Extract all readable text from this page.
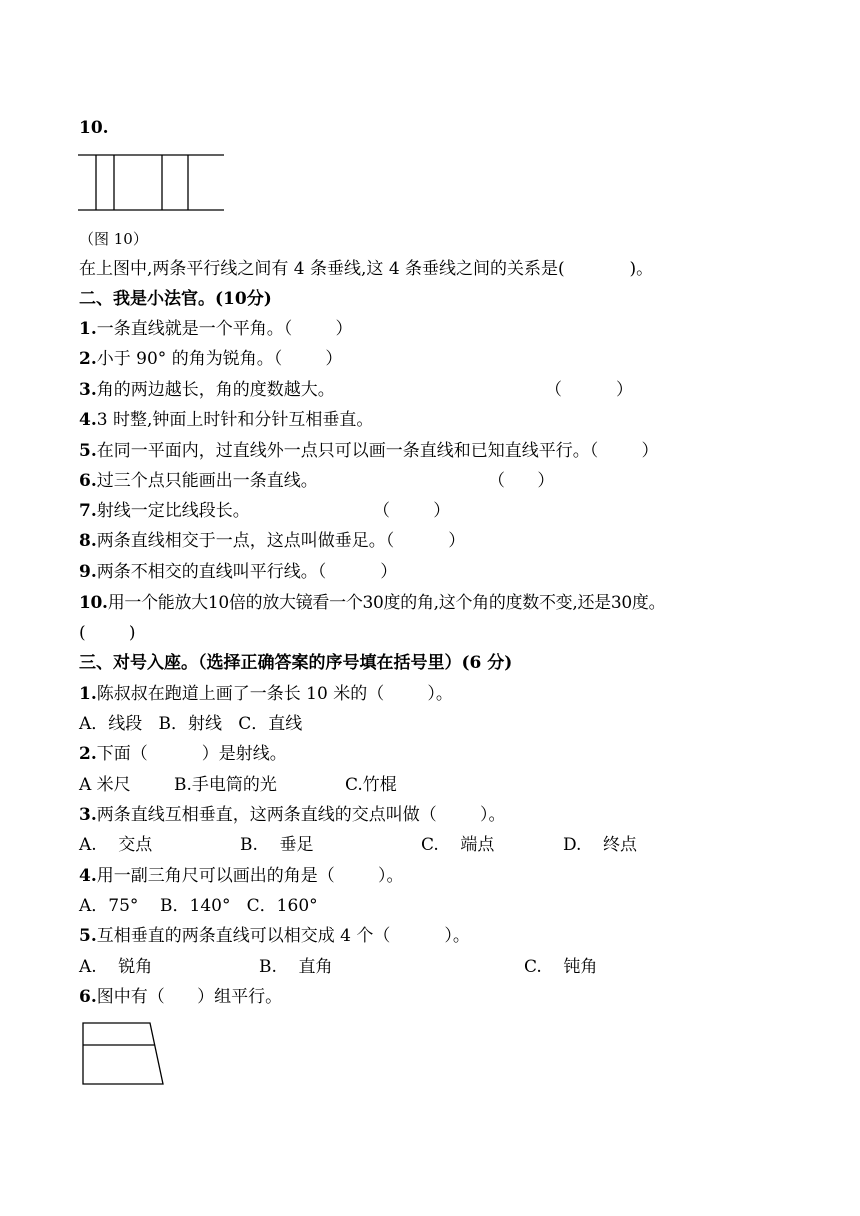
10.
（图 10）
在上图中,两条平行线之间有 4 条垂线,这 4 条垂线之间的关系是(            )。
二、我是小法官。(10分)
1.一条直线就是一个平角。（        ）
2.小于 90° 的角为锐角。（        ）
3.角的两边越长，角的度数越大。	（          ）
4.3 时整,钟面上时针和分针互相垂直。
5.在同一平面内，过直线外一点只可以画一条直线和已知直线平行。（        ）
6.过三个点只能画出一条直线。	（      ）
7.射线一定比线段长。	（        ）
8.两条直线相交于一点，这点叫做垂足。（          ）
9.两条不相交的直线叫平行线。（          ）
10.用一个能放大10倍的放大镜看一个30度的角,这个角的度数不变,还是30度。
(        )
三、对号入座。（选择正确答案的序号填在括号里）(6 分)
1.陈叔叔在跑道上画了一条长 10 米的（        ）。
A．线段   B．射线   C．直线
2.下面（          ）是射线。
A 米尺	B.手电筒的光	C.竹棍
3.两条直线互相垂直，这两条直线的交点叫做（        ）。
A.    交点	B.    垂足	C.    端点	D.    终点
4.用一副三角尺可以画出的角是（        ）。
A．75°    B．140°   C．160°
5.互相垂直的两条直线可以相交成 4 个（          ）。
A.    锐角	B.    直角	C.    钝角
6.图中有（      ）组平行。
